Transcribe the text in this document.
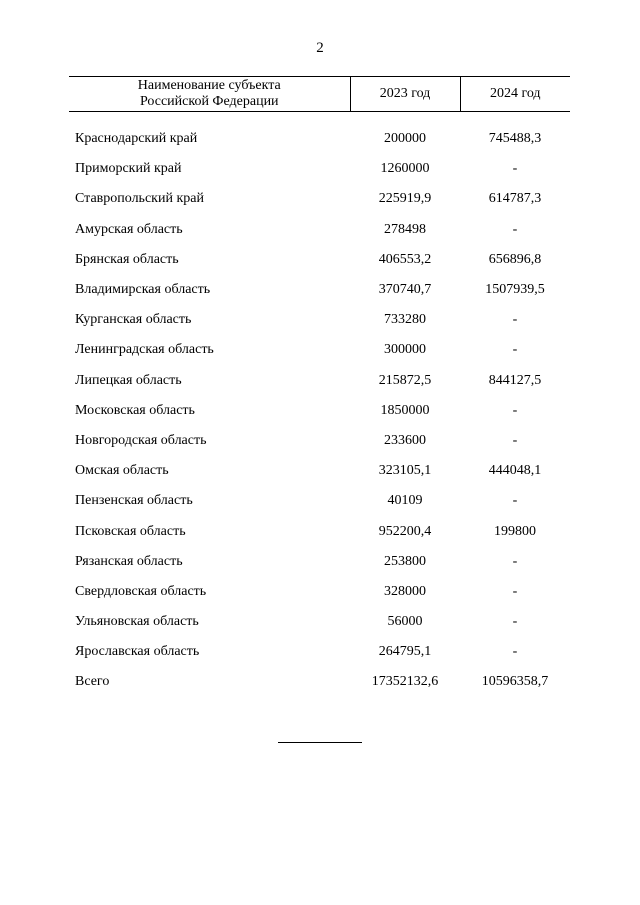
2
Наименование субъекта
Российской Федерации	2023 год	2024 год
Краснодарский край	200000	745488,3
Приморский край	1260000	-
Ставропольский край	225919,9	614787,3
Амурская область	278498	-
Брянская область	406553,2	656896,8
Владимирская область	370740,7	1507939,5
Курганская область	733280	-
Ленинградская область	300000	-
Липецкая область	215872,5	844127,5
Московская область	1850000	-
Новгородская область	233600	-
Омская область	323105,1	444048,1
Пензенская область	40109	-
Псковская область	952200,4	199800
Рязанская область	253800	-
Свердловская область	328000	-
Ульяновская область	56000	-
Ярославская область	264795,1	-
Всего	17352132,6	10596358,7
